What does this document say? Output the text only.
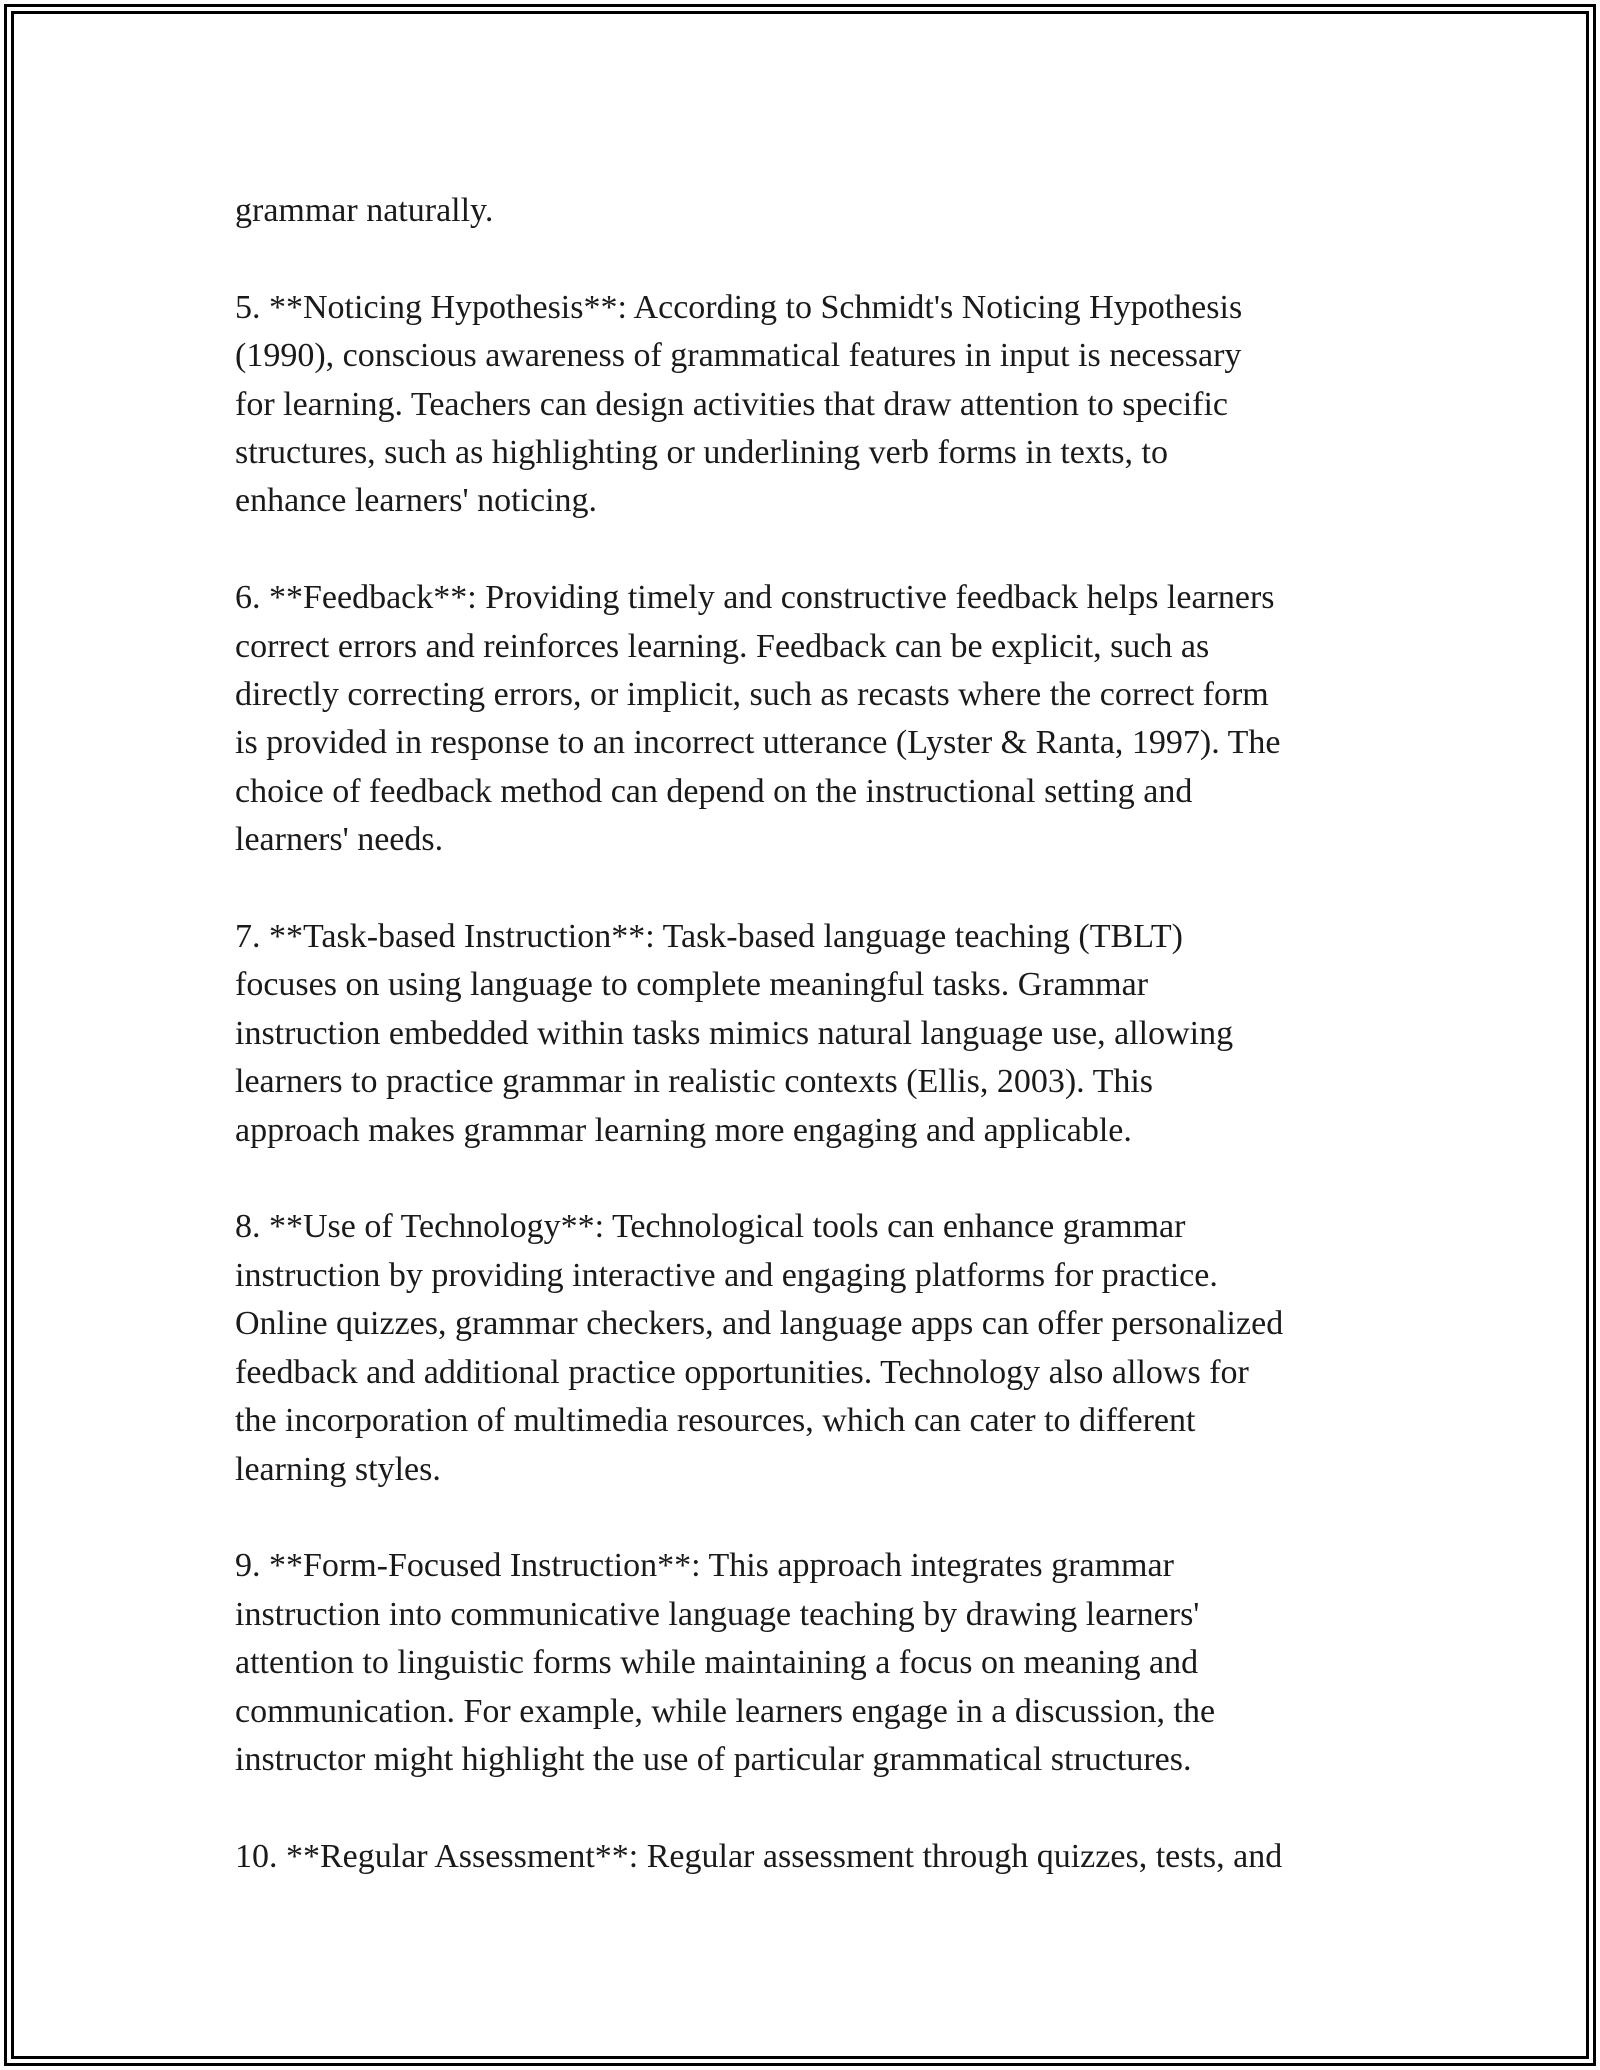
grammar naturally.

5. **Noticing Hypothesis**: According to Schmidt's Noticing Hypothesis
(1990), conscious awareness of grammatical features in input is necessary
for learning. Teachers can design activities that draw attention to specific
structures, such as highlighting or underlining verb forms in texts, to
enhance learners' noticing.

6. **Feedback**: Providing timely and constructive feedback helps learners
correct errors and reinforces learning. Feedback can be explicit, such as
directly correcting errors, or implicit, such as recasts where the correct form
is provided in response to an incorrect utterance (Lyster & Ranta, 1997). The
choice of feedback method can depend on the instructional setting and
learners' needs.

7. **Task-based Instruction**: Task-based language teaching (TBLT)
focuses on using language to complete meaningful tasks. Grammar
instruction embedded within tasks mimics natural language use, allowing
learners to practice grammar in realistic contexts (Ellis, 2003). This
approach makes grammar learning more engaging and applicable.

8. **Use of Technology**: Technological tools can enhance grammar
instruction by providing interactive and engaging platforms for practice.
Online quizzes, grammar checkers, and language apps can offer personalized
feedback and additional practice opportunities. Technology also allows for
the incorporation of multimedia resources, which can cater to different
learning styles.

9. **Form-Focused Instruction**: This approach integrates grammar
instruction into communicative language teaching by drawing learners'
attention to linguistic forms while maintaining a focus on meaning and
communication. For example, while learners engage in a discussion, the
instructor might highlight the use of particular grammatical structures.

10. **Regular Assessment**: Regular assessment through quizzes, tests, and
